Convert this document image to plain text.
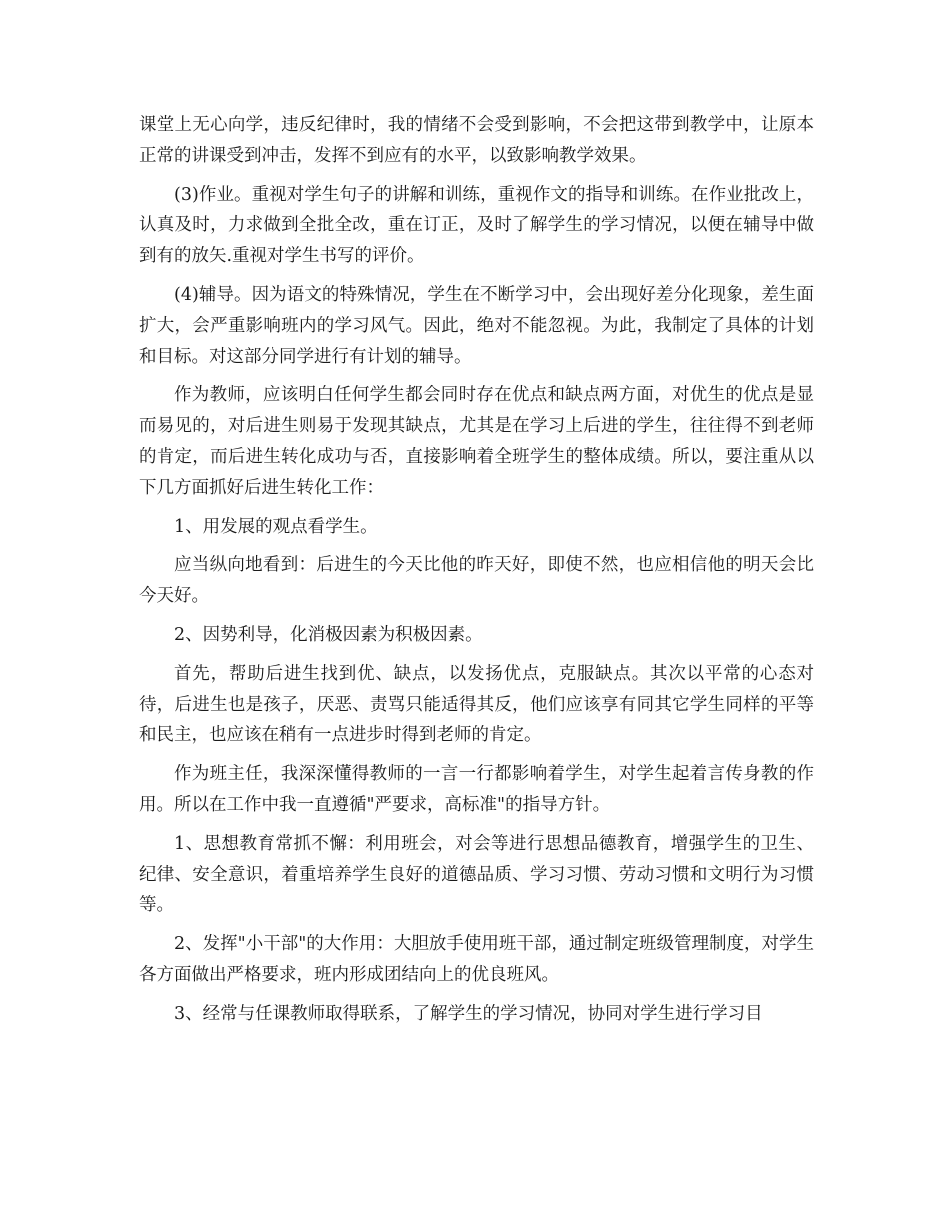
课堂上无心向学，违反纪律时，我的情绪不会受到影响，不会把这带到教学中，让原本正常的讲课受到冲击，发挥不到应有的水平，以致影响教学效果。

(3)作业。重视对学生句子的讲解和训练，重视作文的指导和训练。在作业批改上，认真及时，力求做到全批全改，重在订正，及时了解学生的学习情况，以便在辅导中做到有的放矢.重视对学生书写的评价。

(4)辅导。因为语文的特殊情况，学生在不断学习中，会出现好差分化现象，差生面扩大，会严重影响班内的学习风气。因此，绝对不能忽视。为此，我制定了具体的计划和目标。对这部分同学进行有计划的辅导。

作为教师，应该明白任何学生都会同时存在优点和缺点两方面，对优生的优点是显而易见的，对后进生则易于发现其缺点，尤其是在学习上后进的学生，往往得不到老师的肯定，而后进生转化成功与否，直接影响着全班学生的整体成绩。所以，要注重从以下几方面抓好后进生转化工作：

1、用发展的观点看学生。

应当纵向地看到：后进生的今天比他的昨天好，即使不然，也应相信他的明天会比今天好。

2、因势利导，化消极因素为积极因素。

首先，帮助后进生找到优、缺点，以发扬优点，克服缺点。其次以平常的心态对待，后进生也是孩子，厌恶、责骂只能适得其反，他们应该享有同其它学生同样的平等和民主，也应该在稍有一点进步时得到老师的肯定。

作为班主任，我深深懂得教师的一言一行都影响着学生，对学生起着言传身教的作用。所以在工作中我一直遵循"严要求，高标准"的指导方针。

1、思想教育常抓不懈：利用班会，对会等进行思想品德教育，增强学生的卫生、纪律、安全意识，着重培养学生良好的道德品质、学习习惯、劳动习惯和文明行为习惯等。

2、发挥"小干部"的大作用：大胆放手使用班干部，通过制定班级管理制度，对学生各方面做出严格要求，班内形成团结向上的优良班风。

3、经常与任课教师取得联系，了解学生的学习情况，协同对学生进行学习目
